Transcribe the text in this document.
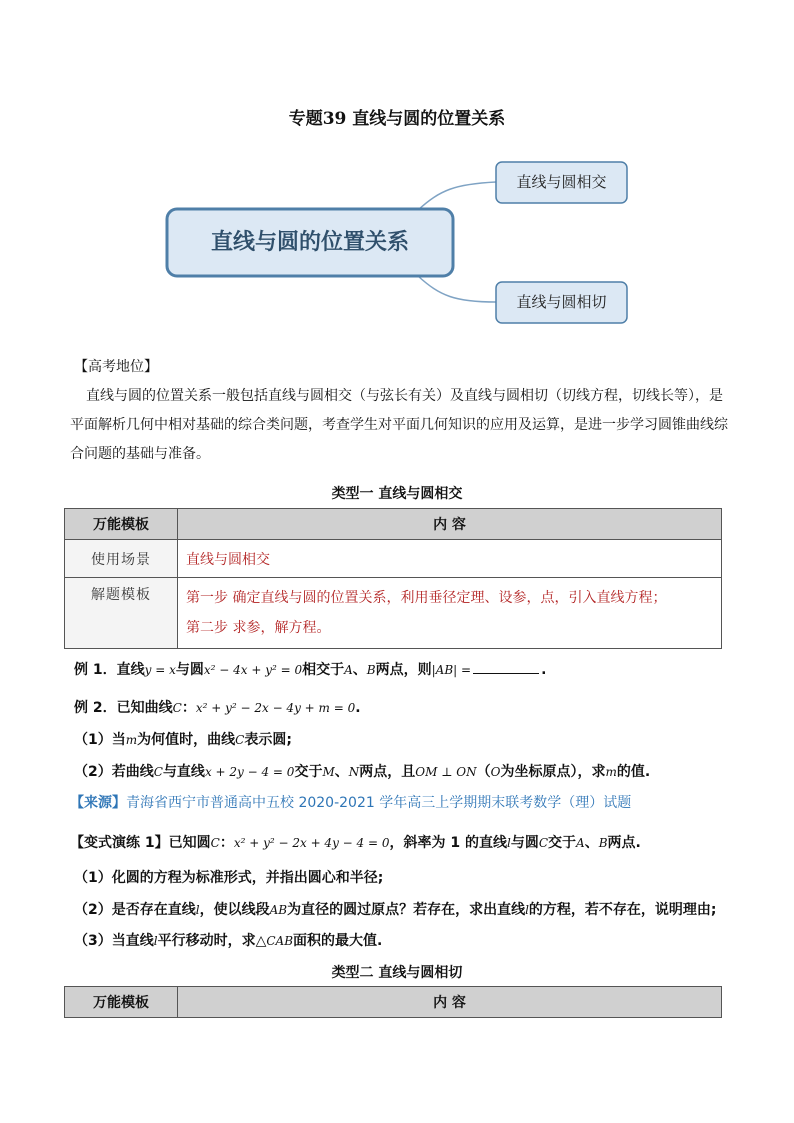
专题39 直线与圆的位置关系
直线与圆的位置关系
直线与圆相交
直线与圆相切
【高考地位】
直线与圆的位置关系一般包括直线与圆相交（与弦长有关）及直线与圆相切（切线方程，切线长等），是平面解析几何中相对基础的综合类问题，考查学生对平面几何知识的应用及运算，是进一步学习圆锥曲线综合问题的基础与准备。
类型一 直线与圆相交
万能模板	内 容
使用场景	直线与圆相交
解题模板	第一步 确定直线与圆的位置关系，利用垂径定理、设参，点，引入直线方程；
第二步 求参，解方程。
例 1．直线y = x与圆x² − 4x + y² = 0相交于A、B两点，则|AB| =	.
例 2．已知曲线C：x² + y² − 2x − 4y + m = 0.
（1）当m为何值时，曲线C表示圆;
（2）若曲线C与直线x + 2y − 4 = 0交于M、N两点，且OM ⊥ ON（O为坐标原点），求m的值.
【来源】青海省西宁市普通高中五校 2020-2021 学年高三上学期期末联考数学（理）试题
【变式演练 1】已知圆C：x² + y² − 2x + 4y − 4 = 0，斜率为 1 的直线l与圆C交于A、B两点.
（1）化圆的方程为标准形式，并指出圆心和半径;
（2）是否存在直线l，使以线段AB为直径的圆过原点？若存在，求出直线l的方程，若不存在，说明理由;
（3）当直线l平行移动时，求△CAB面积的最大值.
类型二 直线与圆相切
万能模板	内 容
